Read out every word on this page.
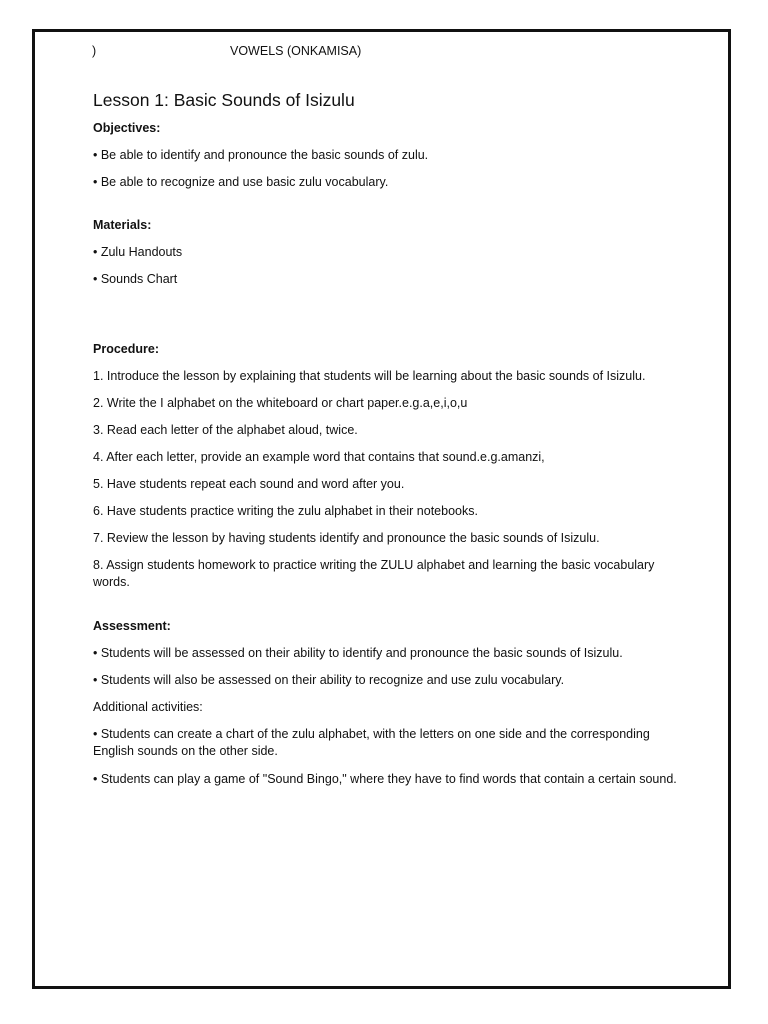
)	VOWELS (ONKAMISA)
Lesson 1: Basic Sounds of Isizulu
Objectives:
• Be able to identify and pronounce the basic sounds of zulu.
• Be able to recognize and use basic zulu vocabulary.
Materials:
• Zulu Handouts
• Sounds Chart
Procedure:
1. Introduce the lesson by explaining that students will be learning about the basic sounds of Isizulu.
2. Write the I alphabet on the whiteboard or chart paper.e.g.a,e,i,o,u
3. Read each letter of the alphabet aloud, twice.
4. After each letter, provide an example word that contains that sound.e.g.amanzi,
5. Have students repeat each sound and word after you.
6. Have students practice writing the zulu alphabet in their notebooks.
7. Review the lesson by having students identify and pronounce the basic sounds of Isizulu.
8. Assign students homework to practice writing the ZULU alphabet and learning the basic vocabulary words.
Assessment:
• Students will be assessed on their ability to identify and pronounce the basic sounds of Isizulu.
• Students will also be assessed on their ability to recognize and use zulu vocabulary.
Additional activities:
• Students can create a chart of the zulu alphabet, with the letters on one side and the corresponding English sounds on the other side.
• Students can play a game of "Sound Bingo," where they have to find words that contain a certain sound.
